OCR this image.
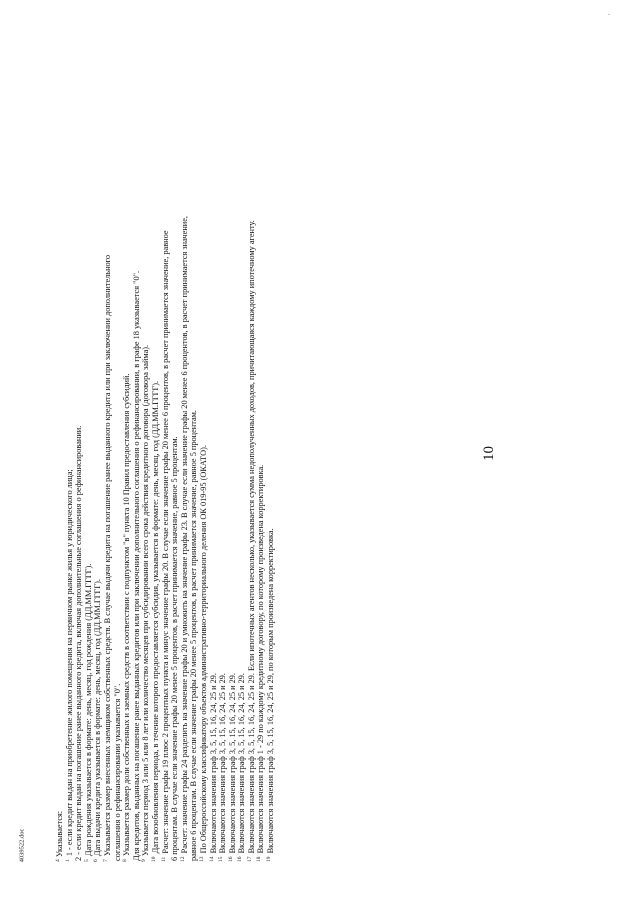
-
10
4039522.doc	$^4$ Указывается:
$^1$ 1 - если кредит выдан на приобретение жилого помещения на первичном рынке жилья у юридического лица; 2 - если кредит выдан на погашение ранее выданного кредита, включая дополнительные соглашения о рефинансировании. $^5$ Дата рождения указывается в формате: день, месяц, год рождения (ДД.ММ.ГГГГ).
$^6$ Дата выдачи кредита указывается в формате: день, месяц, год (ДД.ММ.ГГГГ).
$^7$ Указывается размер внесенных заемщиком собственных средств. В случае выдачи кредита на погашение ранее выданного кредита или при заключении дополнительного соглашения о рефинансировании указывается "0". $^8$ Указывается размер доли собственных и заемных средств в соответствии с подпунктом "в" пункта 10 Правил предоставления субсидий. Для кредитов, выданных на погашение ранее выданных кредитов или при заключении дополнительного соглашения о рефинансировании, в графе 18 указывается "0". $^9$ Указывается период 3 или 5 или 8 лет или количество месяцев при субсидировании всего срока действия кредитного договора (договора займа).
$^{10}$ Дата возобновления периода, в течение которого предоставляется субсидия, указывается в формате: день, месяц, год (ДД.ММ.ГГГГ).
$^{11}$ Расчет: значение графы 19 плюс 2 процентных пункта и минус значение графы 20. В случае если значение графы 20 менее 6 процентов, в расчет принимается значение, равное 6 процентам. В случае если значение графы 20 менее 5 процентов, в расчет принимается значение, равное 5 процентам. $^{12}$ Расчет: значение графы 24 разделить на значение графы 20 и умножить на значение графы 23. В случае если значение графы 20 менее 6 процентов, в расчет принимается значение, равное 6 процентам. В случае если значение графы 20 менее 5 процентов, в расчет принимается значение, равное 5 процентам. $^{13}$ По Общероссийскому классификатору объектов административно-территориального деления ОК 019-95 (ОКАТО).
$^{14}$ Включаются значения граф 3, 5, 15, 16, 24, 25 и 29.
$^{15}$ Включаются значения граф 3, 5, 15, 16, 24, 25 и 29.
$^{16}$ Включаются значения граф 3, 5, 15, 16, 24, 25 и 29.
$^{16}$ Включаются значения граф 3, 5, 15, 16, 24, 25 и 29.
$^{17}$ Включаются значения граф 3, 5, 15, 16, 24, 25 и 29. Если ипотечных агентов несколько, указывается сумма недополученных доходов, причитающаяся каждому ипотечному агенту.
$^{18}$ Включаются значения граф 1 - 29 по каждому кредитному договору, по которому произведена корректировка.
$^{19}$ Включаются значения граф 3, 5, 15, 16, 24, 25 и 29, по которым произведена корректировка.
